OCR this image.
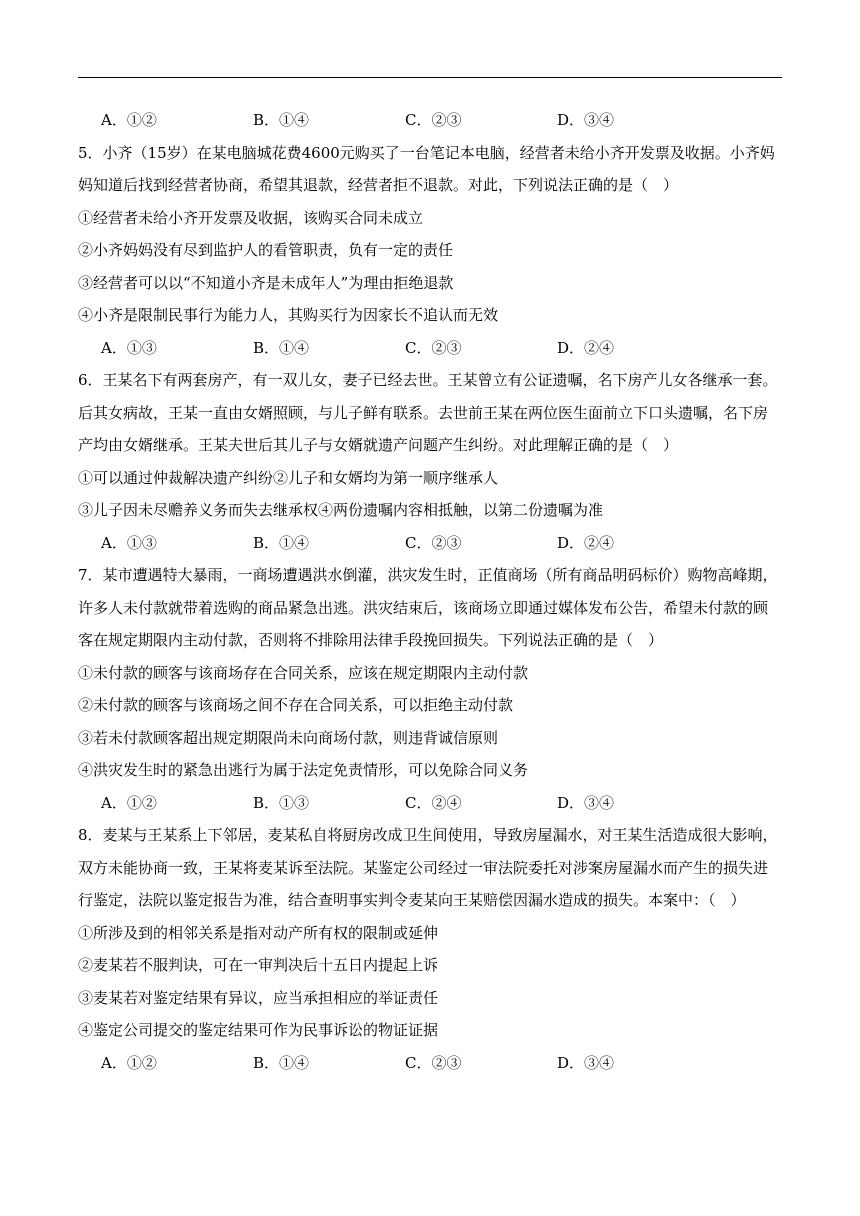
A．①②	B．①④	C．②③	D．③④
5．小齐（15岁）在某电脑城花费4600元购买了一台笔记本电脑，经营者未给小齐开发票及收据。小齐妈
妈知道后找到经营者协商，希望其退款，经营者拒不退款。对此，下列说法正确的是（　）
①经营者未给小齐开发票及收据，该购买合同未成立
②小齐妈妈没有尽到监护人的看管职责，负有一定的责任
③经营者可以以“不知道小齐是未成年人”为理由拒绝退款
④小齐是限制民事行为能力人，其购买行为因家长不追认而无效
A．①③	B．①④	C．②③	D．②④
6．王某名下有两套房产，有一双儿女，妻子已经去世。王某曾立有公证遗嘱，名下房产儿女各继承一套。
后其女病故，王某一直由女婿照顾，与儿子鲜有联系。去世前王某在两位医生面前立下口头遗嘱，名下房
产均由女婿继承。王某夫世后其儿子与女婿就遗产问题产生纠纷。对此理解正确的是（　）
①可以通过仲裁解决遗产纠纷②儿子和女婿均为第一顺序继承人
③儿子因未尽赡养义务而失去继承权④两份遗嘱内容相抵触，以第二份遗嘱为准
A．①③	B．①④	C．②③	D．②④
7．某市遭遇特大暴雨，一商场遭遇洪水倒灌，洪灾发生时，正值商场（所有商品明码标价）购物高峰期，
许多人未付款就带着选购的商品紧急出逃。洪灾结束后，该商场立即通过媒体发布公告，希望未付款的顾
客在规定期限内主动付款，否则将不排除用法律手段挽回损失。下列说法正确的是（　）
①未付款的顾客与该商场存在合同关系，应该在规定期限内主动付款
②未付款的顾客与该商场之间不存在合同关系，可以拒绝主动付款
③若未付款顾客超出规定期限尚未向商场付款，则违背诚信原则
④洪灾发生时的紧急出逃行为属于法定免责情形，可以免除合同义务
A．①②	B．①③	C．②④	D．③④
8．麦某与王某系上下邻居，麦某私自将厨房改成卫生间使用，导致房屋漏水，对王某生活造成很大影响，
双方未能协商一致，王某将麦某诉至法院。某鉴定公司经过一审法院委托对涉案房屋漏水而产生的损失进
行鉴定，法院以鉴定报告为准，结合查明事实判令麦某向王某赔偿因漏水造成的损失。本案中：（　）
①所涉及到的相邻关系是指对动产所有权的限制或延伸
②麦某若不服判诀，可在一审判决后十五日内提起上诉
③麦某若对鉴定结果有异议，应当承担相应的举证责任
④鉴定公司提交的鉴定结果可作为民事诉讼的物证证据
A．①②	B．①④	C．②③	D．③④
